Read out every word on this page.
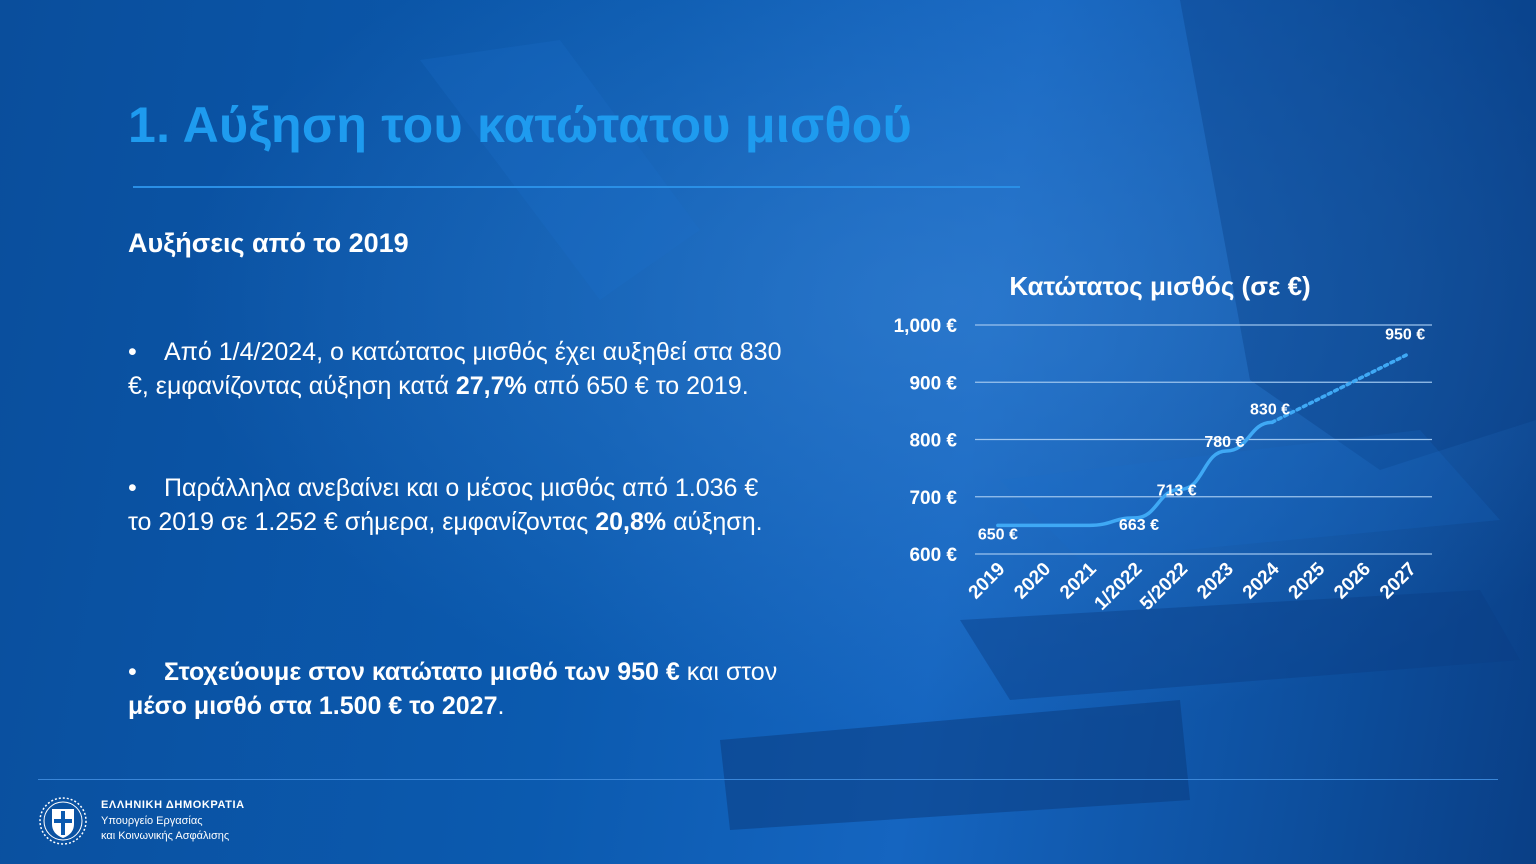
1. Αύξηση του κατώτατου μισθού
Αυξήσεις από το 2019

• Από 1/4/2024, ο κατώτατος μισθός έχει αυξηθεί στα 830 €, εμφανίζοντας αύξηση κατά 27,7% από 650 € το 2019.

• Παράλληλα ανεβαίνει και ο μέσος μισθός από 1.036 € το 2019 σε 1.252 € σήμερα, εμφανίζοντας 20,8% αύξηση.

• Στοχεύουμε στον κατώτατο μισθό των 950 € και στον μέσο μισθό στα 1.500 € το 2027.

Κατώτατος μισθός (σε €)
600 €
700 €
800 €
900 €
1,000 €
2019 2020 2021
1/2022
5/2022 2023 2024 2025 2026 2027
650 €
663 €
713 €
780 €
830 €
950 €
ΕΛΛΗΝΙΚΗ ΔΗΜΟΚΡΑΤΙΑ
Υπουργείο Εργασίας
και Κοινωνικής Ασφάλισης
